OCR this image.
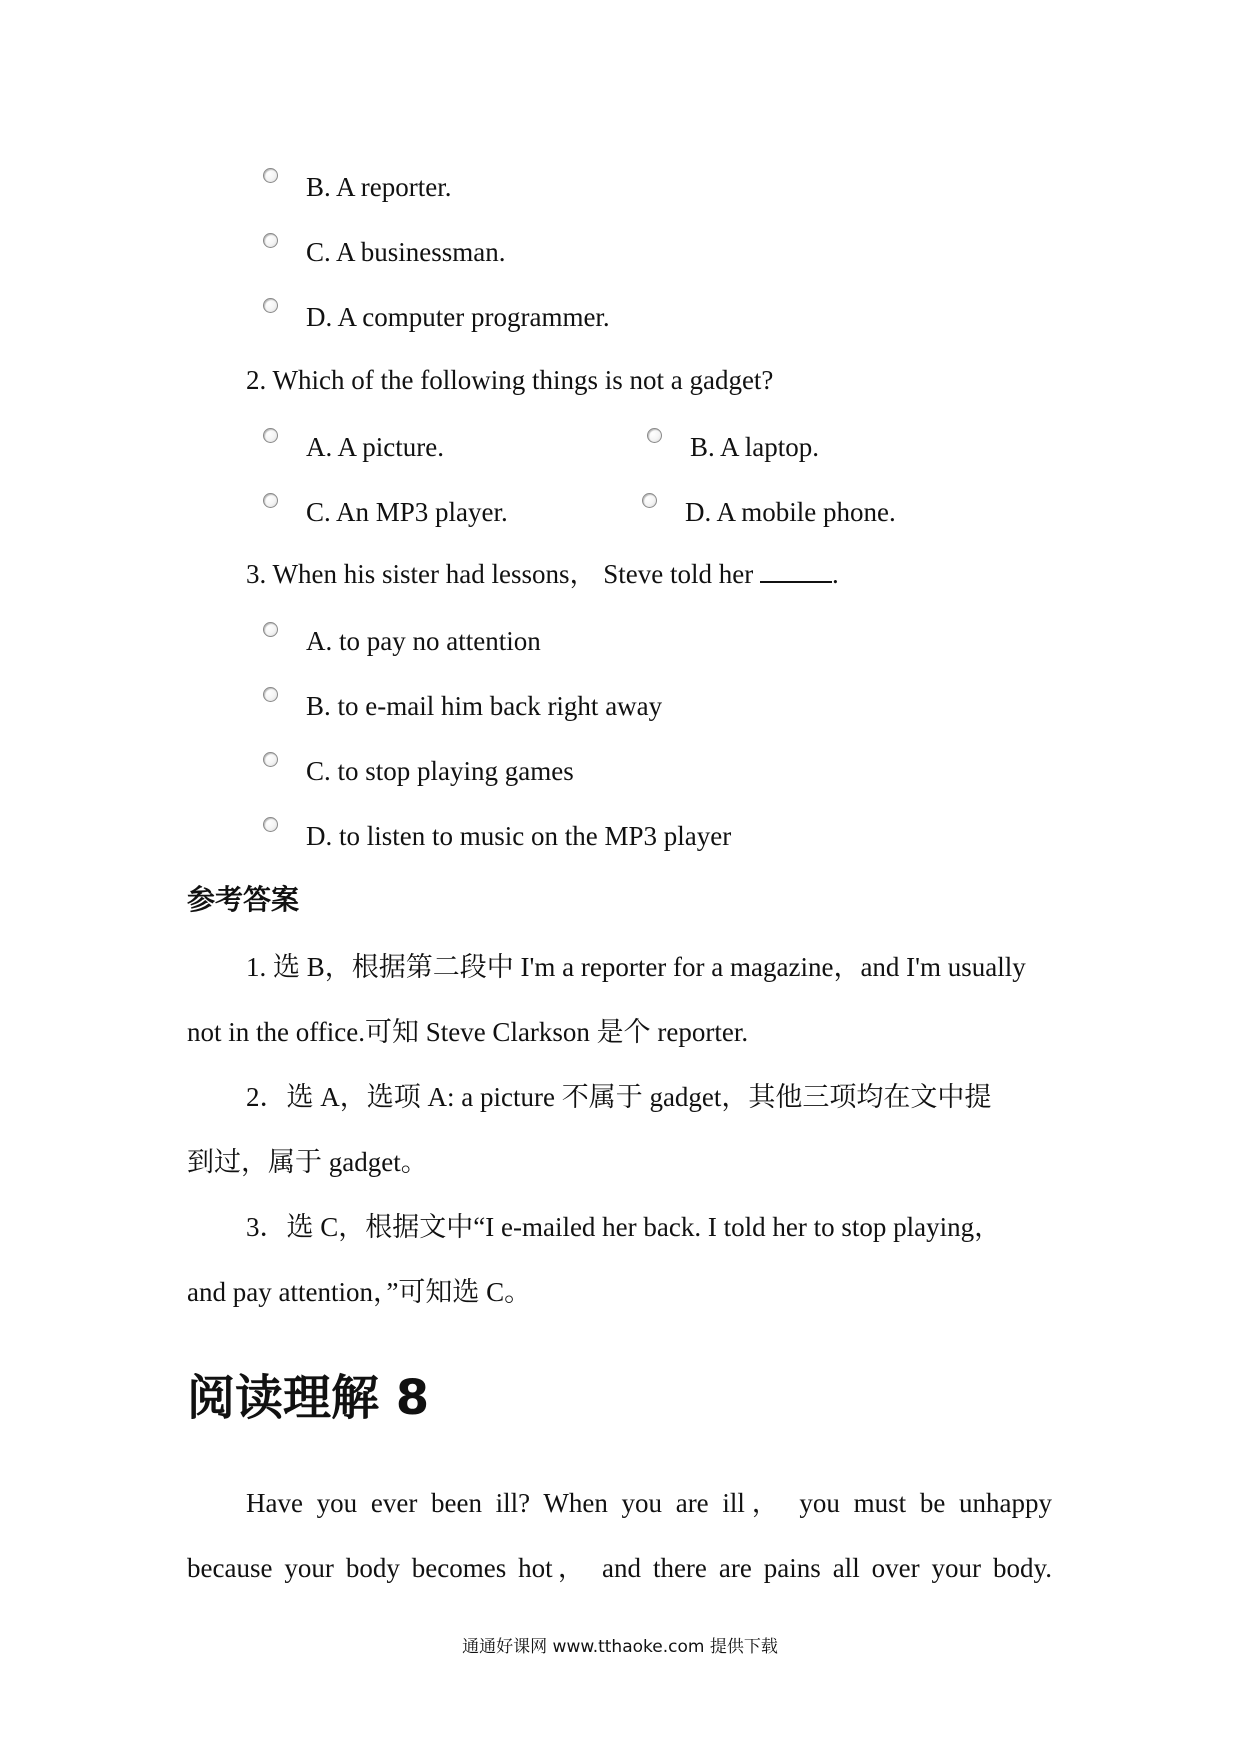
B. A reporter.
C. A businessman.
D. A computer programmer.
2. Which of the following things is not a gadget?
A. A picture.	B. A laptop.
C. An MP3 player.	D. A mobile phone.
3. When his sister had lessons， Steve told her	.
A. to pay no attention
B. to e-mail him back right away
C. to stop playing games
D. to listen to music on the MP3 player
参考答案
1. 选 B，根据第二段中 I'm a reporter for a magazine，and I'm usually
not in the office.可知 Steve Clarkson 是个 reporter.
2．选 A，选项 A: a picture 不属于 gadget，其他三项均在文中提
到过，属于 gadget。
3．选 C，根据文中“I e-mailed her back. I told her to stop playing，
and pay attention，”可知选 C。
阅读理解 8
Have you ever been ill? When you are ill， you must be unhappy
because your body becomes hot， and there are pains all over your body.
通通好课网 www.tthaoke.com 提供下载
